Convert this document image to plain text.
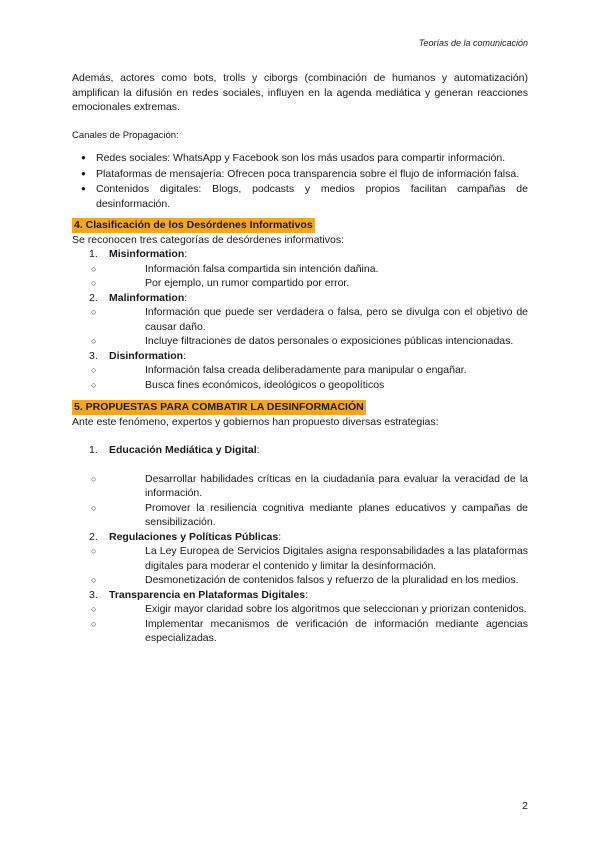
Teorías de la comunicación

Además, actores como bots, trolls y ciborgs (combinación de humanos y automatización) amplifican la difusión en redes sociales, influyen en la agenda mediática y generan reacciones emocionales extremas.

Canales de Propagación:

● Redes sociales: WhatsApp y Facebook son los más usados para compartir información.
● Plataformas de mensajería: Ofrecen poca transparencia sobre el flujo de información falsa.
● Contenidos digitales: Blogs, podcasts y medios propios facilitan campañas de desinformación.
4. Clasificación de los Desórdenes Informativos

Se reconocen tres categorías de desórdenes informativos:

1. Misinformation:
○ Información falsa compartida sin intención dañina.
○ Por ejemplo, un rumor compartido por error.
2. Malinformation:
○ Información que puede ser verdadera o falsa, pero se divulga con el objetivo de causar daño.
○ Incluye filtraciones de datos personales o exposiciones públicas intencionadas.
3. Disinformation:
○ Información falsa creada deliberadamente para manipular o engañar.
○ Busca fines económicos, ideológicos o geopolíticos
5. PROPUESTAS PARA COMBATIR LA DESINFORMACIÓN

Ante este fenómeno, expertos y gobiernos han propuesto diversas estrategias:

1. Educación Mediática y Digital:
○ Desarrollar habilidades críticas en la ciudadanía para evaluar la veracidad de la información.
○ Promover la resiliencia cognitiva mediante planes educativos y campañas de sensibilización.
2. Regulaciones y Políticas Públicas:
○ La Ley Europea de Servicios Digitales asigna responsabilidades a las plataformas digitales para moderar el contenido y limitar la desinformación.
○ Desmonetización de contenidos falsos y refuerzo de la pluralidad en los medios.
3. Transparencia en Plataformas Digitales:
○ Exigir mayor claridad sobre los algoritmos que seleccionan y priorizan contenidos.
○ Implementar mecanismos de verificación de información mediante agencias especializadas.
2
